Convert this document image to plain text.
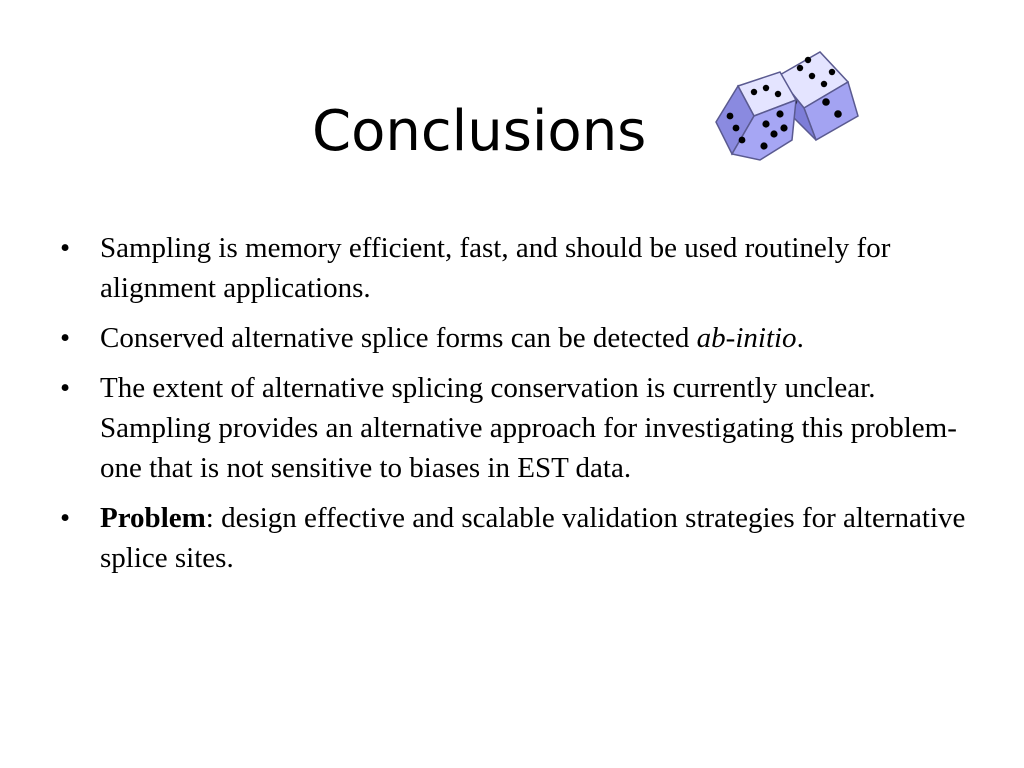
Conclusions
• Sampling is memory efficient, fast, and should be used routinely for alignment applications.
• Conserved alternative splice forms can be detected ab-initio.
• The extent of alternative splicing conservation is currently unclear. Sampling provides an alternative approach for investigating this problem- one that is not sensitive to biases in EST data.
• Problem: design effective and scalable validation strategies for alternative splice sites.
